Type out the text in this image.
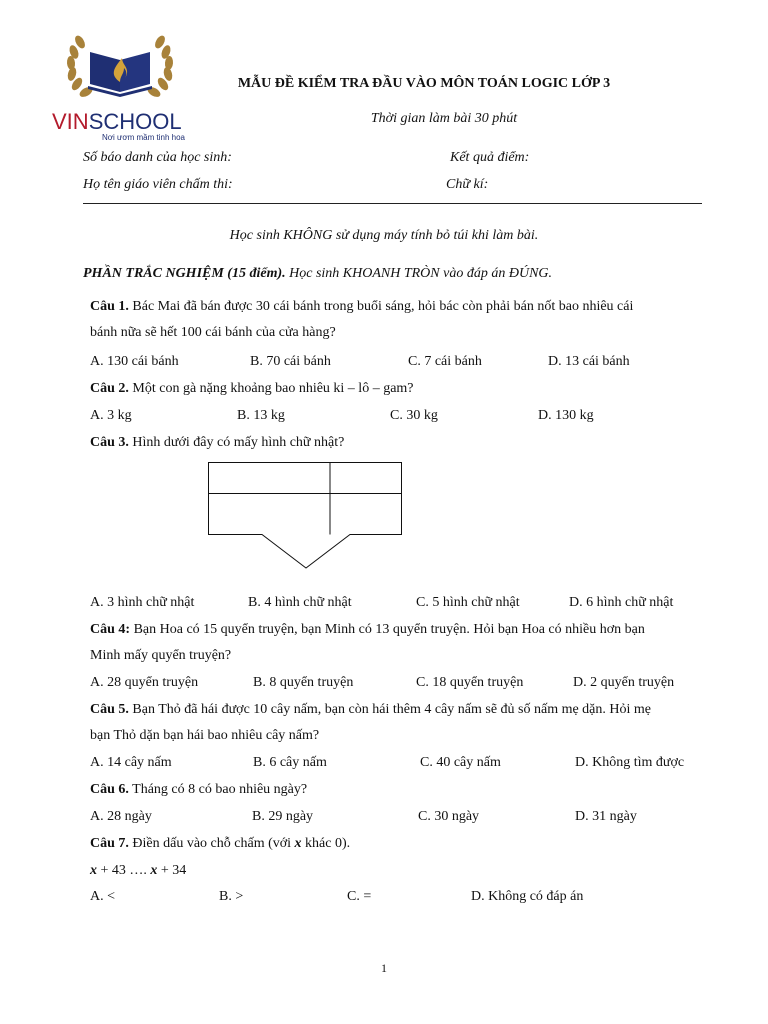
VINSCHOOL
Nơi ươm mầm tinh hoa
MẪU ĐỀ KIỂM TRA ĐẦU VÀO MÔN TOÁN LOGIC LỚP 3
Thời gian làm bài 30 phút
Số báo danh của học sinh:	Kết quả điểm:
Họ tên giáo viên chấm thi:	Chữ kí:
Học sinh KHÔNG sử dụng máy tính bỏ túi khi làm bài.
PHẦN TRẮC NGHIỆM (15 điểm). Học sinh KHOANH TRÒN vào đáp án ĐÚNG.
Câu 1. Bác Mai đã bán được 30 cái bánh trong buổi sáng, hỏi bác còn phải bán nốt bao nhiêu cái
bánh nữa sẽ hết 100 cái bánh của cửa hàng?
A. 130 cái bánh	B. 70 cái bánh	C. 7 cái bánh	D. 13 cái bánh
Câu 2. Một con gà nặng khoảng bao nhiêu ki – lô – gam?
A. 3 kg	B. 13 kg	C. 30 kg	D. 130 kg
Câu 3. Hình dưới đây có mấy hình chữ nhật?
A. 3 hình chữ nhật	B. 4 hình chữ nhật	C. 5 hình chữ nhật	D. 6 hình chữ nhật
Câu 4: Bạn Hoa có 15 quyển truyện, bạn Minh có 13 quyển truyện. Hỏi bạn Hoa có nhiều hơn bạn
Minh mấy quyển truyện?
A. 28 quyển truyện	B. 8 quyển truyện	C. 18 quyển truyện	D. 2 quyển truyện
Câu 5. Bạn Thỏ đã hái được 10 cây nấm, bạn còn hái thêm 4 cây nấm sẽ đủ số nấm mẹ dặn. Hỏi mẹ
bạn Thỏ dặn bạn hái bao nhiêu cây nấm?
A. 14 cây nấm	B. 6 cây nấm	C. 40 cây nấm	D. Không tìm được
Câu 6. Tháng có 8 có bao nhiêu ngày?
A. 28 ngày	B. 29 ngày	C. 30 ngày	D. 31 ngày
Câu 7. Điền dấu vào chỗ chấm (với x khác 0).
x + 43 …. x + 34
A. <	B. >	C. =	D. Không có đáp án
1
